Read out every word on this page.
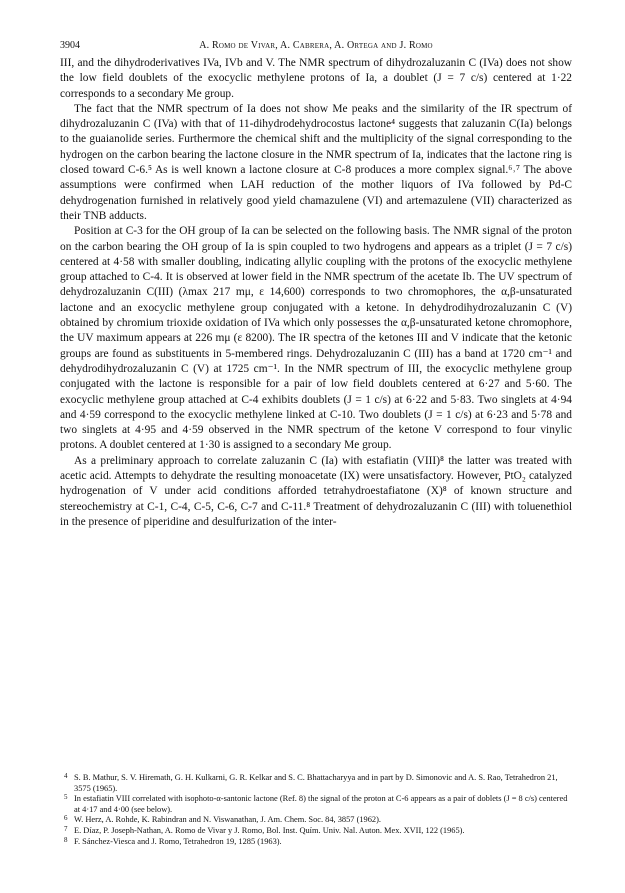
3904	A. Romo de Vivar, A. Cabrera, A. Ortega and J. Romo

III, and the dihydroderivatives IVa, IVb and V. The NMR spectrum of dihydrozaluzanin C (IVa) does not show the low field doublets of the exocyclic methylene protons of Ia, a doublet (J = 7 c/s) centered at 1·22 corresponds to a secondary Me group.

The fact that the NMR spectrum of Ia does not show Me peaks and the similarity of the IR spectrum of dihydrozaluzanin C (IVa) with that of 11-dihydrodehydrocostus lactone⁴ suggests that zaluzanin C(Ia) belongs to the guaianolide series. Furthermore the chemical shift and the multiplicity of the signal corresponding to the hydrogen on the carbon bearing the lactone closure in the NMR spectrum of Ia, indicates that the lactone ring is closed toward C-6.⁵ As is well known a lactone closure at C-8 produces a more complex signal.⁶˒⁷ The above assumptions were confirmed when LAH reduction of the mother liquors of IVa followed by Pd-C dehydrogenation furnished in relatively good yield chamazulene (VI) and artemazulene (VII) characterized as their TNB adducts.

Position at C-3 for the OH group of Ia can be selected on the following basis. The NMR signal of the proton on the carbon bearing the OH group of Ia is spin coupled to two hydrogens and appears as a triplet (J = 7 c/s) centered at 4·58 with smaller doubling, indicating allylic coupling with the protons of the exocyclic methylene group attached to C-4. It is observed at lower field in the NMR spectrum of the acetate Ib. The UV spectrum of dehydrozaluzanin C(III) (λmax 217 mμ, ε 14,600) corresponds to two chromophores, the α,β-unsaturated lactone and an exocyclic methylene group conjugated with a ketone. In dehydrodihydrozaluzanin C (V) obtained by chromium trioxide oxidation of IVa which only possesses the α,β-unsaturated ketone chromophore, the UV maximum appears at 226 mμ (ε 8200). The IR spectra of the ketones III and V indicate that the ketonic groups are found as substituents in 5-membered rings. Dehydrozaluzanin C (III) has a band at 1720 cm⁻¹ and dehydrodihydrozaluzanin C (V) at 1725 cm⁻¹. In the NMR spectrum of III, the exocyclic methylene group conjugated with the lactone is responsible for a pair of low field doublets centered at 6·27 and 5·60. The exocyclic methylene group attached at C-4 exhibits doublets (J = 1 c/s) at 6·22 and 5·83. Two singlets at 4·94 and 4·59 correspond to the exocyclic methylene linked at C-10. Two doublets (J = 1 c/s) at 6·23 and 5·78 and two singlets at 4·95 and 4·59 observed in the NMR spectrum of the ketone V correspond to four vinylic protons. A doublet centered at 1·30 is assigned to a secondary Me group.

As a preliminary approach to correlate zaluzanin C (Ia) with estafiatin (VIII)⁸ the latter was treated with acetic acid. Attempts to dehydrate the resulting monoacetate (IX) were unsatisfactory. However, PtO₂ catalyzed hydrogenation of V under acid conditions afforded tetrahydroestafiatone (X)⁸ of known structure and stereochemistry at C-1, C-4, C-5, C-6, C-7 and C-11.⁸ Treatment of dehydrozaluzanin C (III) with toluenethiol in the presence of piperidine and desulfurization of the inter-

4 S. B. Mathur, S. V. Hiremath, G. H. Kulkarni, G. R. Kelkar and S. C. Bhattacharyya and in part by D. Simonovic and A. S. Rao, Tetrahedron 21, 3575 (1965).
5 In estafiatin VIII correlated with isophoto-α-santonic lactone (Ref. 8) the signal of the proton at C-6 appears as a pair of doblets (J = 8 c/s) centered at 4·17 and 4·00 (see below).
6 W. Herz, A. Rohde, K. Rabindran and N. Viswanathan, J. Am. Chem. Soc. 84, 3857 (1962).
7 E. Díaz, P. Joseph-Nathan, A. Romo de Vivar y J. Romo, Bol. Inst. Quím. Univ. Nal. Auton. Mex. XVII, 122 (1965).
8 F. Sánchez-Viesca and J. Romo, Tetrahedron 19, 1285 (1963).
